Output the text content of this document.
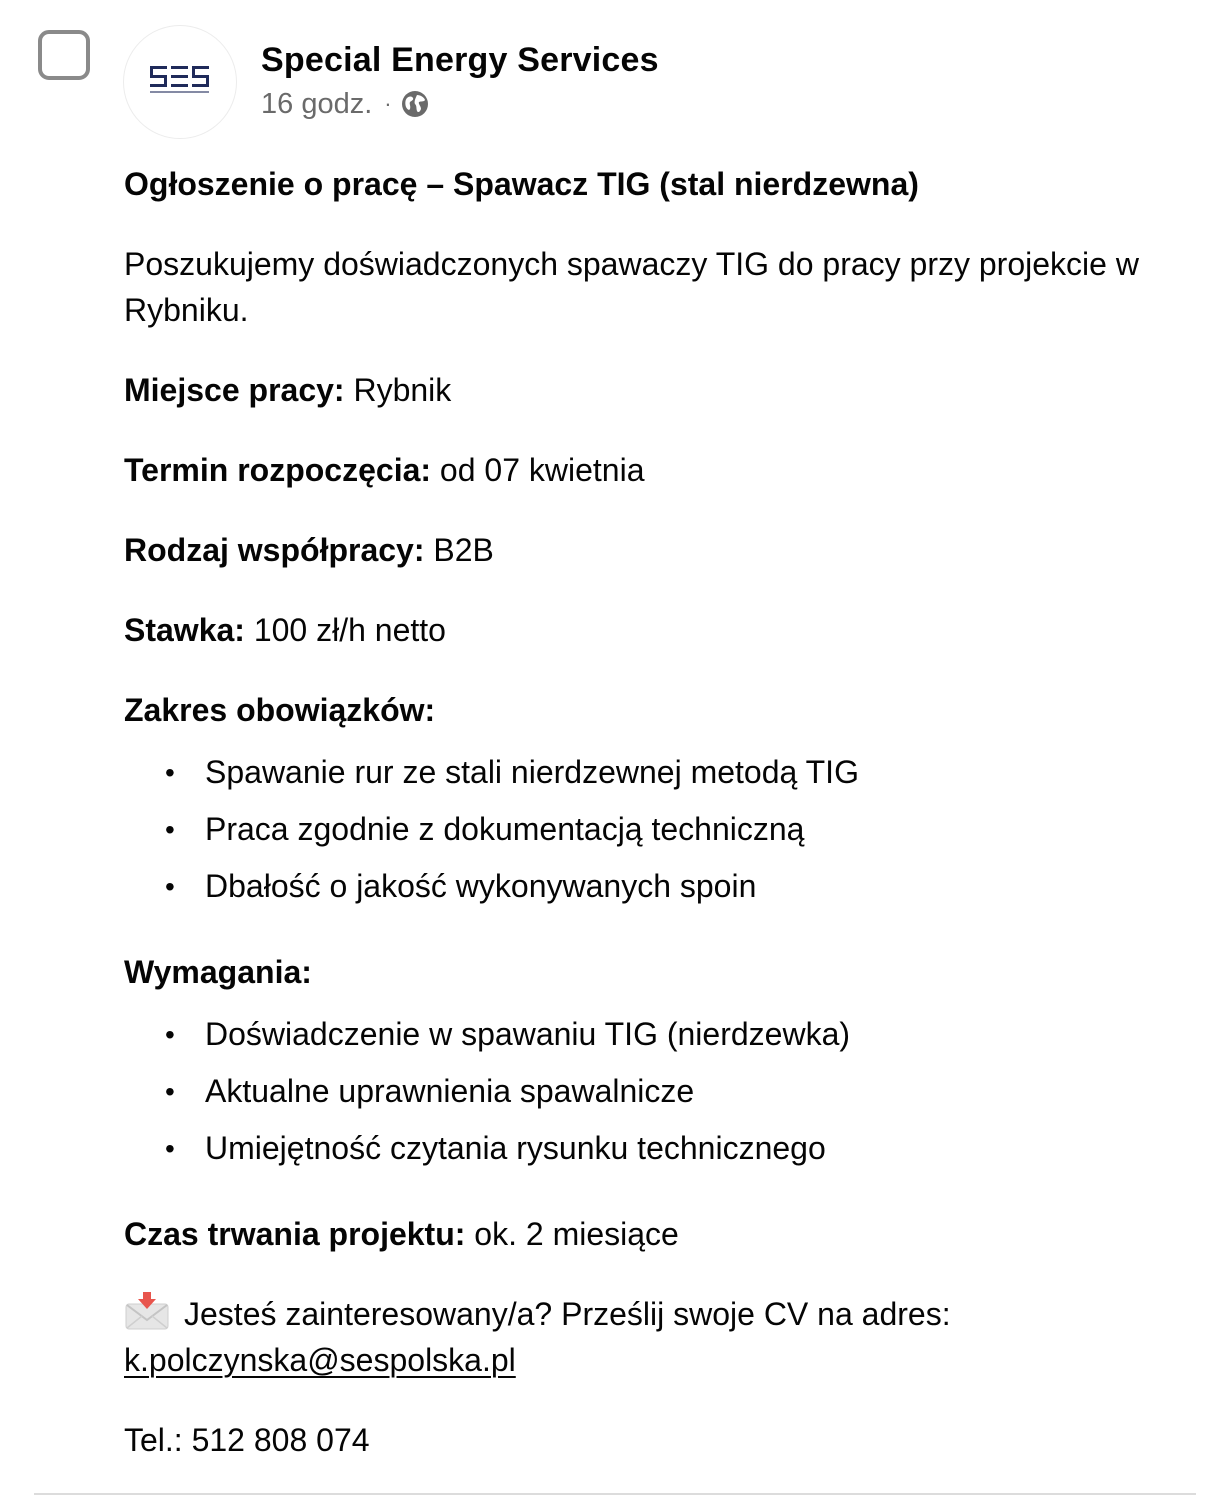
Special Energy Services
16 godz. ·

Ogłoszenie o pracę – Spawacz TIG (stal nierdzewna)

Poszukujemy doświadczonych spawaczy TIG do pracy przy projekcie w Rybniku.

Miejsce pracy: Rybnik

Termin rozpoczęcia: od 07 kwietnia

Rodzaj współpracy: B2B

Stawka: 100 zł/h netto

Zakres obowiązków:
• Spawanie rur ze stali nierdzewnej metodą TIG
• Praca zgodnie z dokumentacją techniczną
• Dbałość o jakość wykonywanych spoin
Wymagania:
• Doświadczenie w spawaniu TIG (nierdzewka)
• Aktualne uprawnienia spawalnicze
• Umiejętność czytania rysunku technicznego

Czas trwania projektu: ok. 2 miesiące

Jesteś zainteresowany/a? Prześlij swoje CV na adres:
k.polczynska@sespolska.pl

Tel.: 512 808 074
